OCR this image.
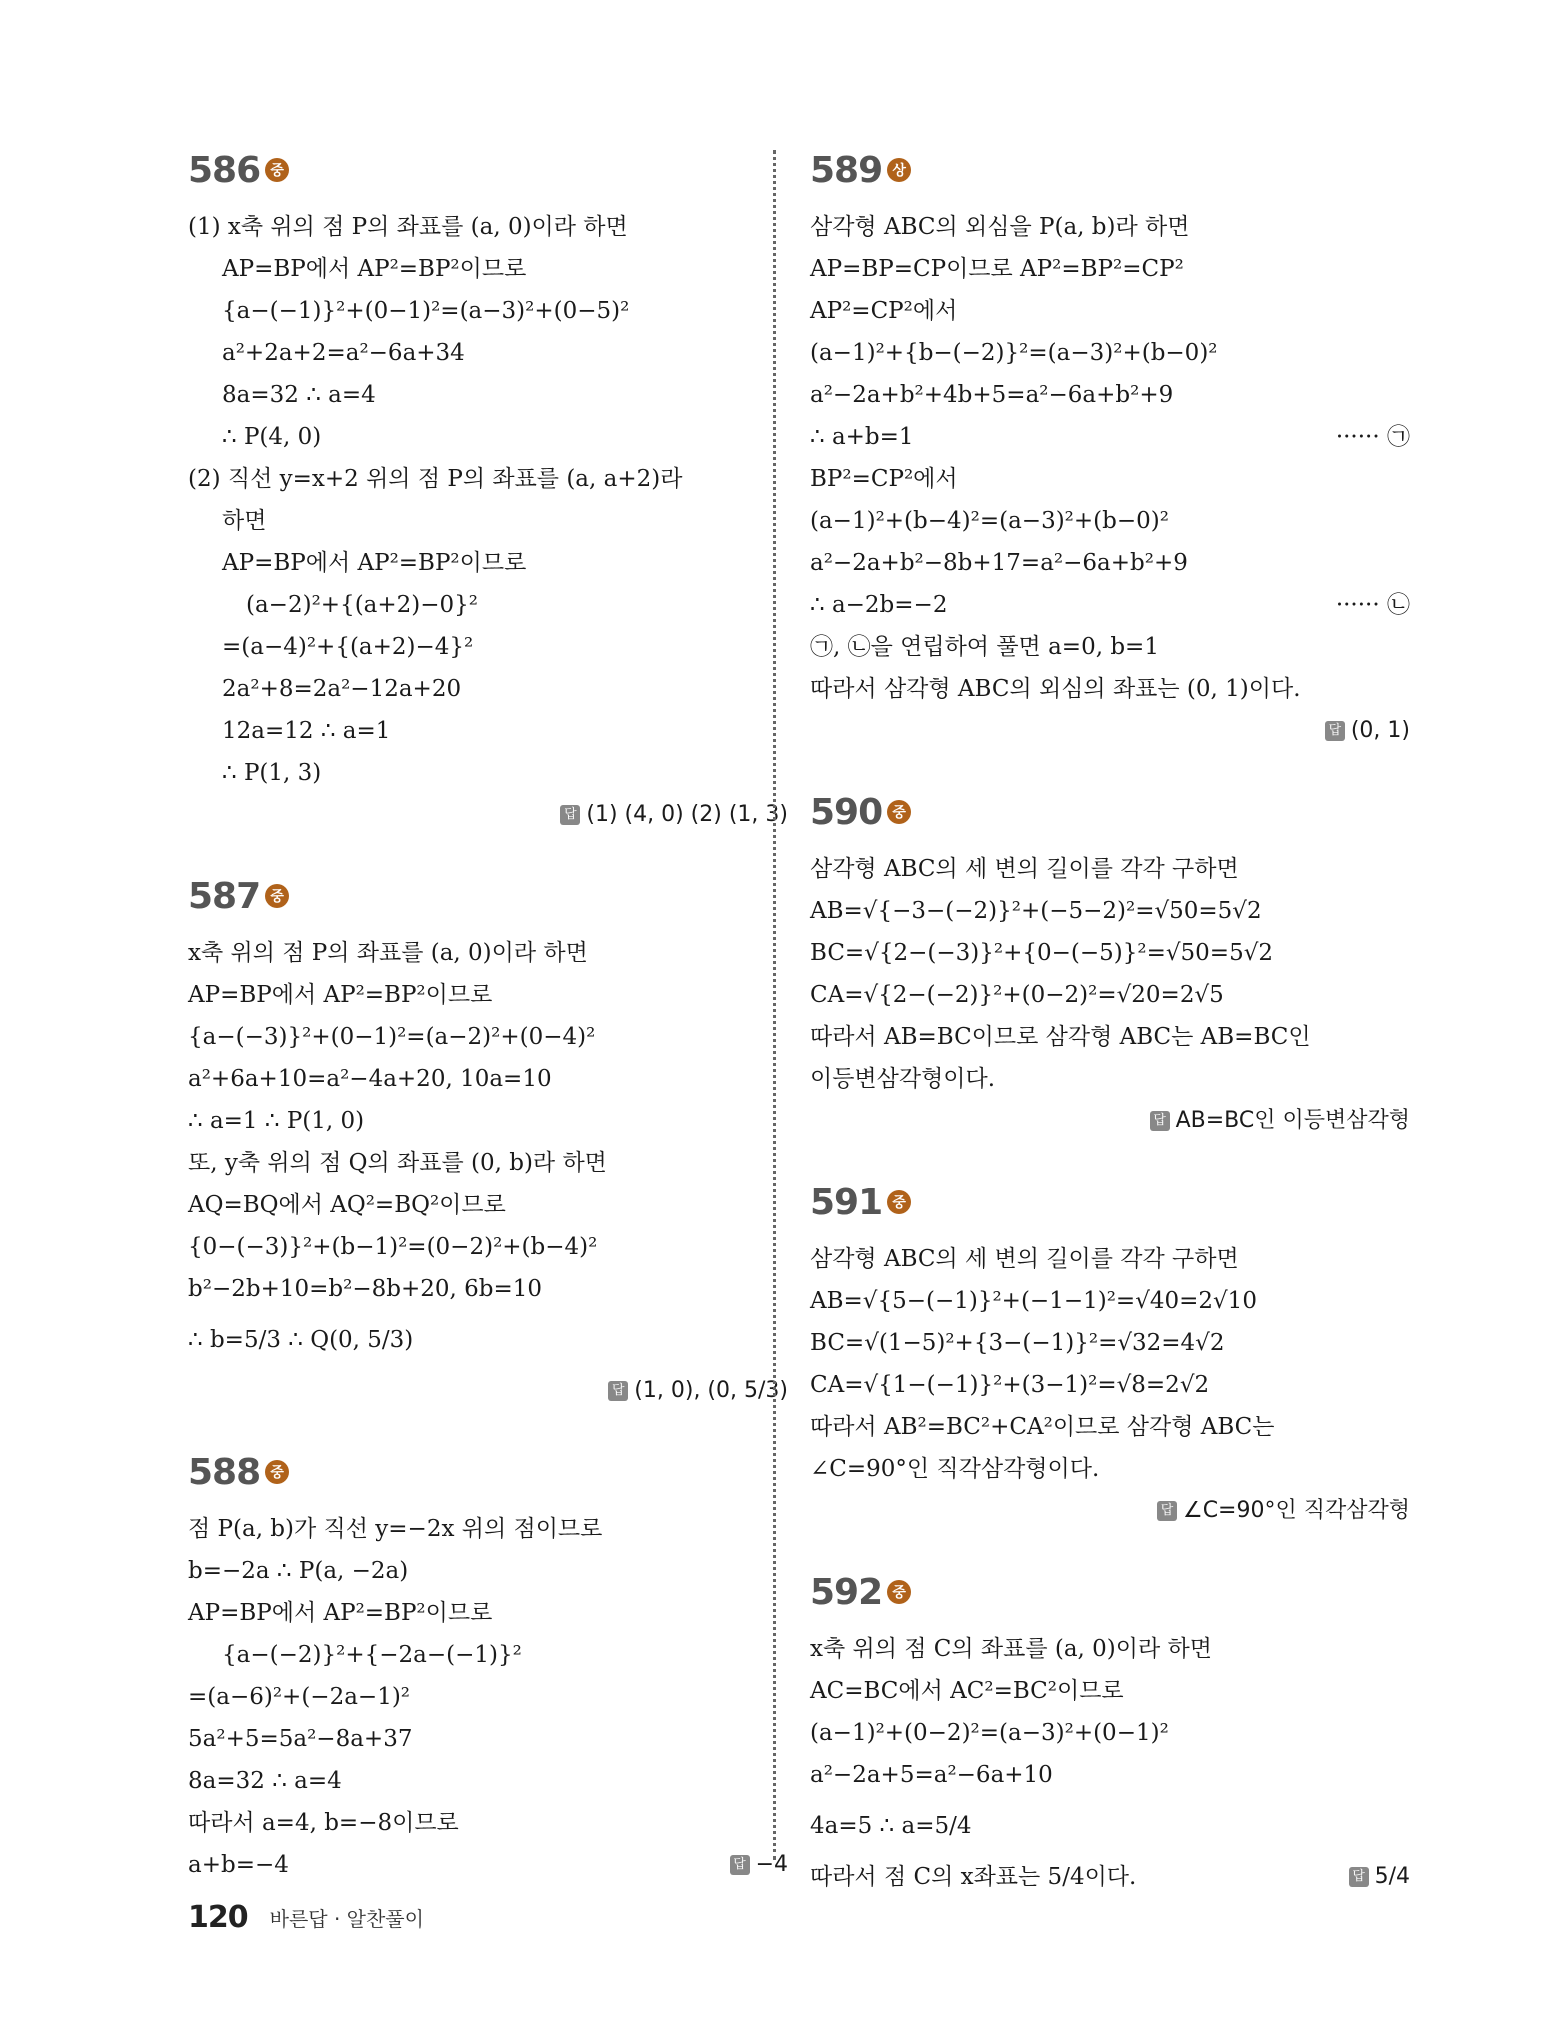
586 중
(1) x축 위의 점 P의 좌표를 (a, 0)이라 하면
AP=BP에서 AP²=BP²이므로
{a−(−1)}²+(0−1)²=(a−3)²+(0−5)²
a²+2a+2=a²−6a+34
8a=32 ∴ a=4
∴ P(4, 0)
(2) 직선 y=x+2 위의 점 P의 좌표를 (a, a+2)라
하면
AP=BP에서 AP²=BP²이므로
(a−2)²+{(a+2)−0}²
=(a−4)²+{(a+2)−4}²
2a²+8=2a²−12a+20
12a=12 ∴ a=1
∴ P(1, 3)
답 (1) (4, 0) (2) (1, 3)
587 중
x축 위의 점 P의 좌표를 (a, 0)이라 하면
AP=BP에서 AP²=BP²이므로
{a−(−3)}²+(0−1)²=(a−2)²+(0−4)²
a²+6a+10=a²−4a+20, 10a=10
∴ a=1 ∴ P(1, 0)
또, y축 위의 점 Q의 좌표를 (0, b)라 하면
AQ=BQ에서 AQ²=BQ²이므로
{0−(−3)}²+(b−1)²=(0−2)²+(b−4)²
b²−2b+10=b²−8b+20, 6b=10
∴ b=5/3 ∴ Q(0, 5/3)
답 (1, 0), (0, 5/3)
588 중
점 P(a, b)가 직선 y=−2x 위의 점이므로
b=−2a ∴ P(a, −2a)
AP=BP에서 AP²=BP²이므로
{a−(−2)}²+{−2a−(−1)}²
=(a−6)²+(−2a−1)²
5a²+5=5a²−8a+37
8a=32 ∴ a=4
따라서 a=4, b=−8이므로
a+b=−4	답 −4
589 상
삼각형 ABC의 외심을 P(a, b)라 하면
AP=BP=CP이므로 AP²=BP²=CP²
AP²=CP²에서
(a−1)²+{b−(−2)}²=(a−3)²+(b−0)²
a²−2a+b²+4b+5=a²−6a+b²+9
∴ a+b=1	······ ㉠
BP²=CP²에서
(a−1)²+(b−4)²=(a−3)²+(b−0)²
a²−2a+b²−8b+17=a²−6a+b²+9
∴ a−2b=−2	······ ㉡
㉠, ㉡을 연립하여 풀면 a=0, b=1
따라서 삼각형 ABC의 외심의 좌표는 (0, 1)이다.
답 (0, 1)
590 중
삼각형 ABC의 세 변의 길이를 각각 구하면
AB=√{−3−(−2)}²+(−5−2)²=√50=5√2
BC=√{2−(−3)}²+{0−(−5)}²=√50=5√2
CA=√{2−(−2)}²+(0−2)²=√20=2√5
따라서 AB=BC이므로 삼각형 ABC는 AB=BC인
이등변삼각형이다.
답 AB=BC인 이등변삼각형
591 중
삼각형 ABC의 세 변의 길이를 각각 구하면
AB=√{5−(−1)}²+(−1−1)²=√40=2√10
BC=√(1−5)²+{3−(−1)}²=√32=4√2
CA=√{1−(−1)}²+(3−1)²=√8=2√2
따라서 AB²=BC²+CA²이므로 삼각형 ABC는
∠C=90°인 직각삼각형이다.
답 ∠C=90°인 직각삼각형
592 중
x축 위의 점 C의 좌표를 (a, 0)이라 하면
AC=BC에서 AC²=BC²이므로
(a−1)²+(0−2)²=(a−3)²+(0−1)²
a²−2a+5=a²−6a+10
4a=5 ∴ a=5/4
따라서 점 C의 x좌표는 5/4이다.	답 5/4
120 바른답 · 알찬풀이
